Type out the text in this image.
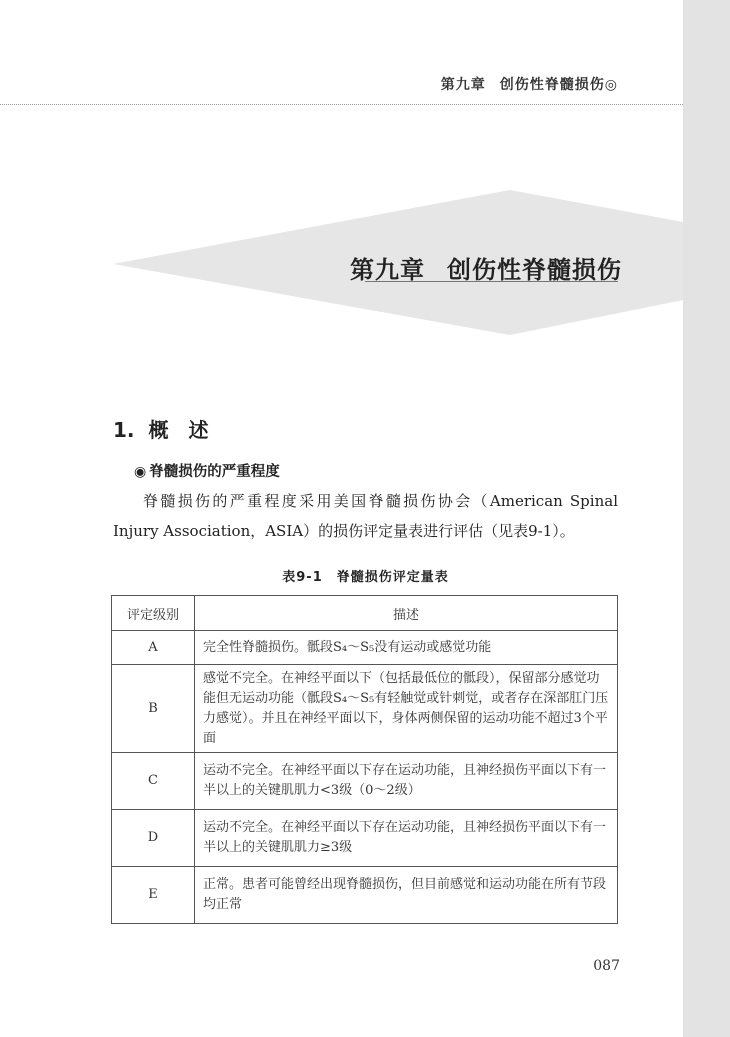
第九章 创伤性脊髓损伤◎
第九章 创伤性脊髓损伤
1. 概　述
◉ 脊髓损伤的严重程度

脊髓损伤的严重程度采用美国脊髓损伤协会（American Spinal Injury Association，ASIA）的损伤评定量表进行评估（见表9-1）。

表9-1　脊髓损伤评定量表
评定级别	描述
A	完全性脊髓损伤。骶段S₄～S₅没有运动或感觉功能
B	感觉不完全。在神经平面以下（包括最低位的骶段），保留部分感觉功能但无运动功能（骶段S₄～S₅有轻触觉或针刺觉，或者存在深部肛门压力感觉）。并且在神经平面以下，身体两侧保留的运动功能不超过3个平面
C	运动不完全。在神经平面以下存在运动功能，且神经损伤平面以下有一半以上的关键肌肌力<3级（0～2级）
D	运动不完全。在神经平面以下存在运动功能，且神经损伤平面以下有一半以上的关键肌肌力≥3级
E	正常。患者可能曾经出现脊髓损伤，但目前感觉和运动功能在所有节段均正常
087
